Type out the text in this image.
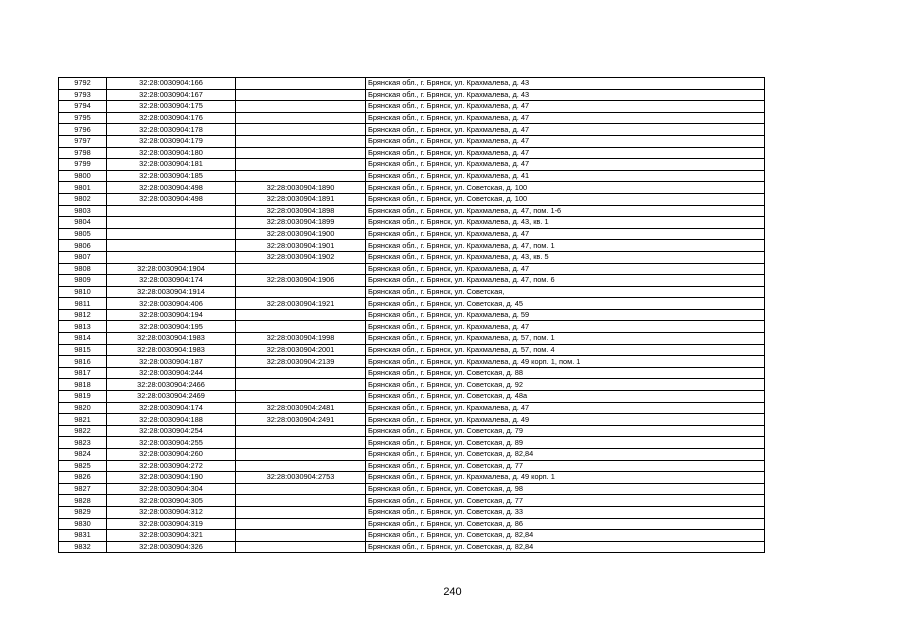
9792	32:28:0030904:166		Брянская обл., г. Брянск, ул. Крахмалева, д. 43
9793	32:28:0030904:167		Брянская обл., г. Брянск, ул. Крахмалева, д. 43
9794	32:28:0030904:175		Брянская обл., г. Брянск, ул. Крахмалева, д. 47
9795	32:28:0030904:176		Брянская обл., г. Брянск, ул. Крахмалева, д. 47
9796	32:28:0030904:178		Брянская обл., г. Брянск, ул. Крахмалева, д. 47
9797	32:28:0030904:179		Брянская обл., г. Брянск, ул. Крахмалева, д. 47
9798	32:28:0030904:180		Брянская обл., г. Брянск, ул. Крахмалева, д. 47
9799	32:28:0030904:181		Брянская обл., г. Брянск, ул. Крахмалева, д. 47
9800	32:28:0030904:185		Брянская обл., г. Брянск, ул. Крахмалева, д. 41
9801	32:28:0030904:498	32:28:0030904:1890	Брянская обл., г. Брянск, ул. Советская, д. 100
9802	32:28:0030904:498	32:28:0030904:1891	Брянская обл., г. Брянск, ул. Советская, д. 100
9803		32:28:0030904:1898	Брянская обл., г. Брянск, ул. Крахмалева, д. 47, пом. 1-6
9804		32:28:0030904:1899	Брянская обл., г. Брянск, ул. Крахмалева, д. 43, кв. 1
9805		32:28:0030904:1900	Брянская обл., г. Брянск, ул. Крахмалева, д. 47
9806		32:28:0030904:1901	Брянская обл., г. Брянск, ул. Крахмалева, д. 47, пом. 1
9807		32:28:0030904:1902	Брянская обл., г. Брянск, ул. Крахмалева, д. 43, кв. 5
9808	32:28:0030904:1904		Брянская обл., г. Брянск, ул. Крахмалева, д. 47
9809	32:28:0030904:174	32:28:0030904:1906	Брянская обл., г. Брянск, ул. Крахмалева, д. 47, пом. 6
9810	32:28:0030904:1914		Брянская обл., г. Брянск, ул. Советская,
9811	32:28:0030904:406	32:28:0030904:1921	Брянская обл., г. Брянск, ул. Советская, д. 45
9812	32:28:0030904:194		Брянская обл., г. Брянск, ул. Крахмалева, д. 59
9813	32:28:0030904:195		Брянская обл., г. Брянск, ул. Крахмалева, д. 47
9814	32:28:0030904:1983	32:28:0030904:1998	Брянская обл., г. Брянск, ул. Крахмалева, д. 57, пом. 1
9815	32:28:0030904:1983	32:28:0030904:2001	Брянская обл., г. Брянск, ул. Крахмалева, д. 57, пом. 4
9816	32:28:0030904:187	32:28:0030904:2139	Брянская обл., г. Брянск, ул. Крахмалева, д. 49 корп. 1, пом. 1
9817	32:28:0030904:244		Брянская обл., г. Брянск, ул. Советская, д. 88
9818	32:28:0030904:2466		Брянская обл., г. Брянск, ул. Советская, д. 92
9819	32:28:0030904:2469		Брянская обл., г. Брянск, ул. Советская, д. 48а
9820	32:28:0030904:174	32:28:0030904:2481	Брянская обл., г. Брянск, ул. Крахмалева, д. 47
9821	32:28:0030904:188	32:28:0030904:2491	Брянская обл., г. Брянск, ул. Крахмалева, д. 49
9822	32:28:0030904:254		Брянская обл., г. Брянск, ул. Советская, д. 79
9823	32:28:0030904:255		Брянская обл., г. Брянск, ул. Советская, д. 89
9824	32:28:0030904:260		Брянская обл., г. Брянск, ул. Советская, д. 82,84
9825	32:28:0030904:272		Брянская обл., г. Брянск, ул. Советская, д. 77
9826	32:28:0030904:190	32:28:0030904:2753	Брянская обл., г. Брянск, ул. Крахмалева, д. 49 корп. 1
9827	32:28:0030904:304		Брянская обл., г. Брянск, ул. Советская, д. 98
9828	32:28:0030904:305		Брянская обл., г. Брянск, ул. Советская, д. 77
9829	32:28:0030904:312		Брянская обл., г. Брянск, ул. Советская, д. 33
9830	32:28:0030904:319		Брянская обл., г. Брянск, ул. Советская, д. 86
9831	32:28:0030904:321		Брянская обл., г. Брянск, ул. Советская, д. 82,84
9832	32:28:0030904:326		Брянская обл., г. Брянск, ул. Советская, д. 82,84
240
